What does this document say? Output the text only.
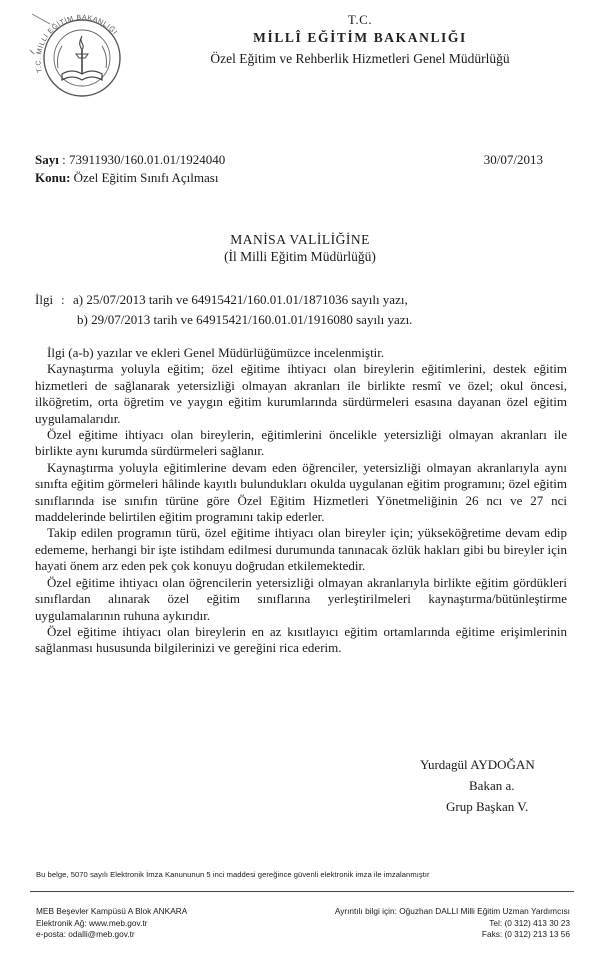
T.C. MİLLİ EĞİTİM BAKANLIĞI
T.C.
MİLLÎ EĞİTİM BAKANLIĞI
Özel Eğitim ve Rehberlik Hizmetleri Genel Müdürlüğü
Sayı : 73911930/160.01.01/1924040
Konu: Özel Eğitim Sınıfı Açılması
30/07/2013
MANİSA VALİLİĞİNE
(İl Milli Eğitim Müdürlüğü)
İlgi : a) 25/07/2013 tarih ve 64915421/160.01.01/1871036 sayılı yazı,
b) 29/07/2013 tarih ve 64915421/160.01.01/1916080 sayılı yazı.

İlgi (a-b) yazılar ve ekleri Genel Müdürlüğümüzce incelenmiştir.

Kaynaştırma yoluyla eğitim; özel eğitime ihtiyacı olan bireylerin eğitimlerini, destek eğitim hizmetleri de sağlanarak yetersizliği olmayan akranları ile birlikte resmî ve özel; okul öncesi, ilköğretim, orta öğretim ve yaygın eğitim kurumlarında sürdürmeleri esasına dayanan özel eğitim uygulamalarıdır.

Özel eğitime ihtiyacı olan bireylerin, eğitimlerini öncelikle yetersizliği olmayan akranları ile birlikte aynı kurumda sürdürmeleri sağlanır.

Kaynaştırma yoluyla eğitimlerine devam eden öğrenciler, yetersizliği olmayan akranlarıyla aynı sınıfta eğitim görmeleri hâlinde kayıtlı bulundukları okulda uygulanan eğitim programını; özel eğitim sınıflarında ise sınıfın türüne göre Özel Eğitim Hizmetleri Yönetmeliğinin 26 ncı ve 27 nci maddelerinde belirtilen eğitim programını takip ederler.

Takip edilen programın türü, özel eğitime ihtiyacı olan bireyler için; yükseköğretime devam edip edememe, herhangi bir işte istihdam edilmesi durumunda tanınacak özlük hakları gibi bu bireyler için hayati önem arz eden pek çok konuyu doğrudan etkilemektedir.

Özel eğitime ihtiyacı olan öğrencilerin yetersizliği olmayan akranlarıyla birlikte eğitim gördükleri sınıflardan alınarak özel eğitim sınıflarına yerleştirilmeleri kaynaştırma/bütünleştirme uygulamalarının ruhuna aykırıdır.

Özel eğitime ihtiyacı olan bireylerin en az kısıtlayıcı eğitim ortamlarında eğitime erişimlerinin sağlanması hususunda bilgilerinizi ve gereğini rica ederim.

Yurdagül AYDOĞAN
Bakan a.
Grup Başkan V.
Bu belge, 5070 sayılı Elektronik İmza Kanununun 5 inci maddesi gereğince güvenli elektronik imza ile imzalanmıştır
MEB Beşevler Kampüsü A Blok ANKARA
Elektronik Ağ: www.meb.gov.tr
e-posta: odalli@meb.gov.tr
Ayrıntılı bilgi için: Oğuzhan DALLI Milli Eğitim Uzman Yardımcısı
Tel: (0 312) 413 30 23
Faks: (0 312) 213 13 56
